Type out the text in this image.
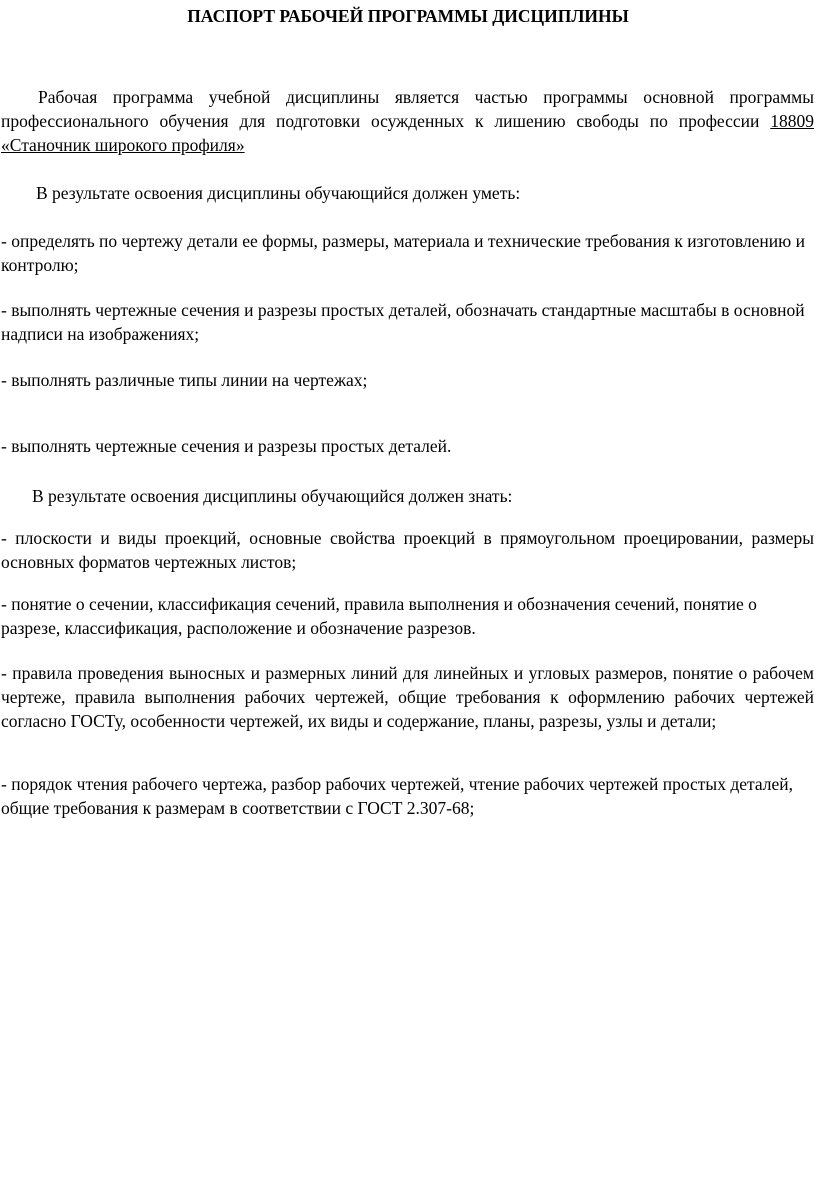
ПАСПОРТ РАБОЧЕЙ ПРОГРАММЫ ДИСЦИПЛИНЫ

Рабочая программа учебной дисциплины является частью программы основной программы профессионального обучения для подготовки осужденных к лишению свободы по профессии 18809 «Станочник широкого профиля»

В результате освоения дисциплины обучающийся должен уметь:

- определять по чертежу детали ее формы, размеры, материала и технические требования к изготовлению и контролю;

- выполнять чертежные сечения и разрезы простых деталей, обозначать стандартные масштабы в основной надписи на изображениях;

- выполнять различные типы линии на чертежах;

- выполнять чертежные сечения и разрезы простых деталей.

В результате освоения дисциплины обучающийся должен знать:

- плоскости и виды проекций, основные свойства проекций в прямоугольном проецировании, размеры основных форматов чертежных листов;

- понятие о сечении, классификация сечений, правила выполнения и обозначения сечений, понятие о разрезе, классификация, расположение и обозначение разрезов.

- правила проведения выносных и размерных линий для линейных и угловых размеров, понятие о рабочем чертеже, правила выполнения рабочих чертежей, общие требования к оформлению рабочих чертежей согласно ГОСТу, особенности чертежей, их виды и содержание, планы, разрезы, узлы и детали;

- порядок чтения рабочего чертежа, разбор рабочих чертежей, чтение рабочих чертежей простых деталей, общие требования к размерам в соответствии с ГОСТ 2.307-68;
